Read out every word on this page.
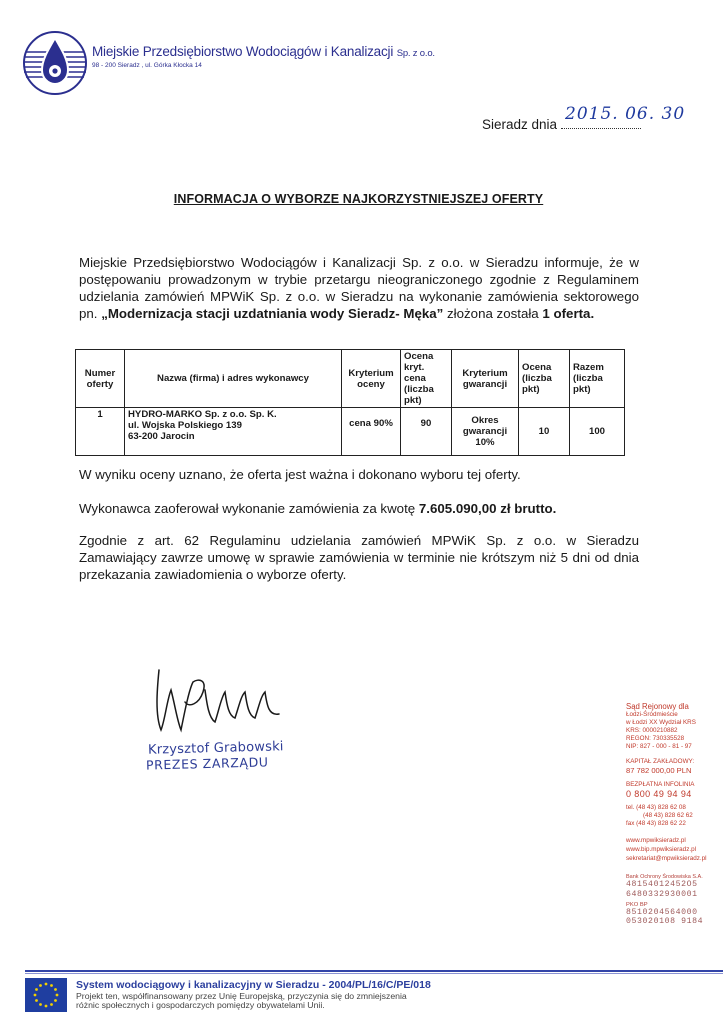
Miejskie Przedsiębiorstwo Wodociągów i Kanalizacji Sp. z o.o.
98 - 200 Sieradz , ul. Górka Kłocka 14
Sieradz dnia
2015. 06. 30
INFORMACJA O WYBORZE NAJKORZYSTNIEJSZEJ OFERTY
Miejskie Przedsiębiorstwo Wodociągów i Kanalizacji Sp. z o.o. w Sieradzu informuje, że w postępowaniu prowadzonym w trybie przetargu nieograniczonego zgodnie z Regulaminem udzielania zamówień MPWiK Sp. z o.o. w Sieradzu na wykonanie zamówienia sektorowego pn. „Modernizacja stacji uzdatniania wody Sieradz- Męka” złożona została 1 oferta.
Numer oferty	Nazwa (firma) i adres wykonawcy	Kryterium oceny	Ocena kryt. cena (liczba pkt)	Kryterium gwarancji	Ocena (liczba pkt)	Razem (liczba pkt)
1	HYDRO-MARKO Sp. z o.o. Sp. K.
ul. Wojska Polskiego 139
63-200 Jarocin	cena 90%	90	Okres gwarancji 10%	10	100
W wyniku oceny uznano, że oferta jest ważna i dokonano wyboru tej oferty.
Wykonawca zaoferował wykonanie zamówienia za kwotę 7.605.090,00 zł brutto.
Zgodnie z art. 62 Regulaminu udzielania zamówień MPWiK Sp. z o.o. w Sieradzu Zamawiający zawrze umowę w sprawie zamówienia w terminie nie krótszym niż 5 dni od dnia przekazania zawiadomienia o wyborze oferty.
Krzysztof Grabowski
PREZES ZARZĄDU
Sąd Rejonowy dla
Łodzi-Śródmieście
w Łodzi XX Wydział KRS
KRS: 0000210882
REGON: 730335528
NIP: 827 - 000 - 81 - 97
KAPITAŁ ZAKŁADOWY:
87 782 000,00 PLN
BEZPŁATNA INFOLINIA
0 800 49 94 94
tel. (48 43) 828 62 08
(48 43) 828 62 62
fax (48 43) 828 62 22
www.mpwiksieradz.pl
www.bip.mpwiksieradz.pl
sekretariat@mpwiksieradz.pl
Bank Ochrony Środowiska S.A.
48154012452O5
6480332930001
PKO BP
8510204564000
053020108 9184
System wodociągowy i kanalizacyjny w Sieradzu - 2004/PL/16/C/PE/018
Projekt ten, współfinansowany przez Unię Europejską, przyczynia się do zmniejszenia
różnic społecznych i gospodarczych pomiędzy obywatelami Unii.
